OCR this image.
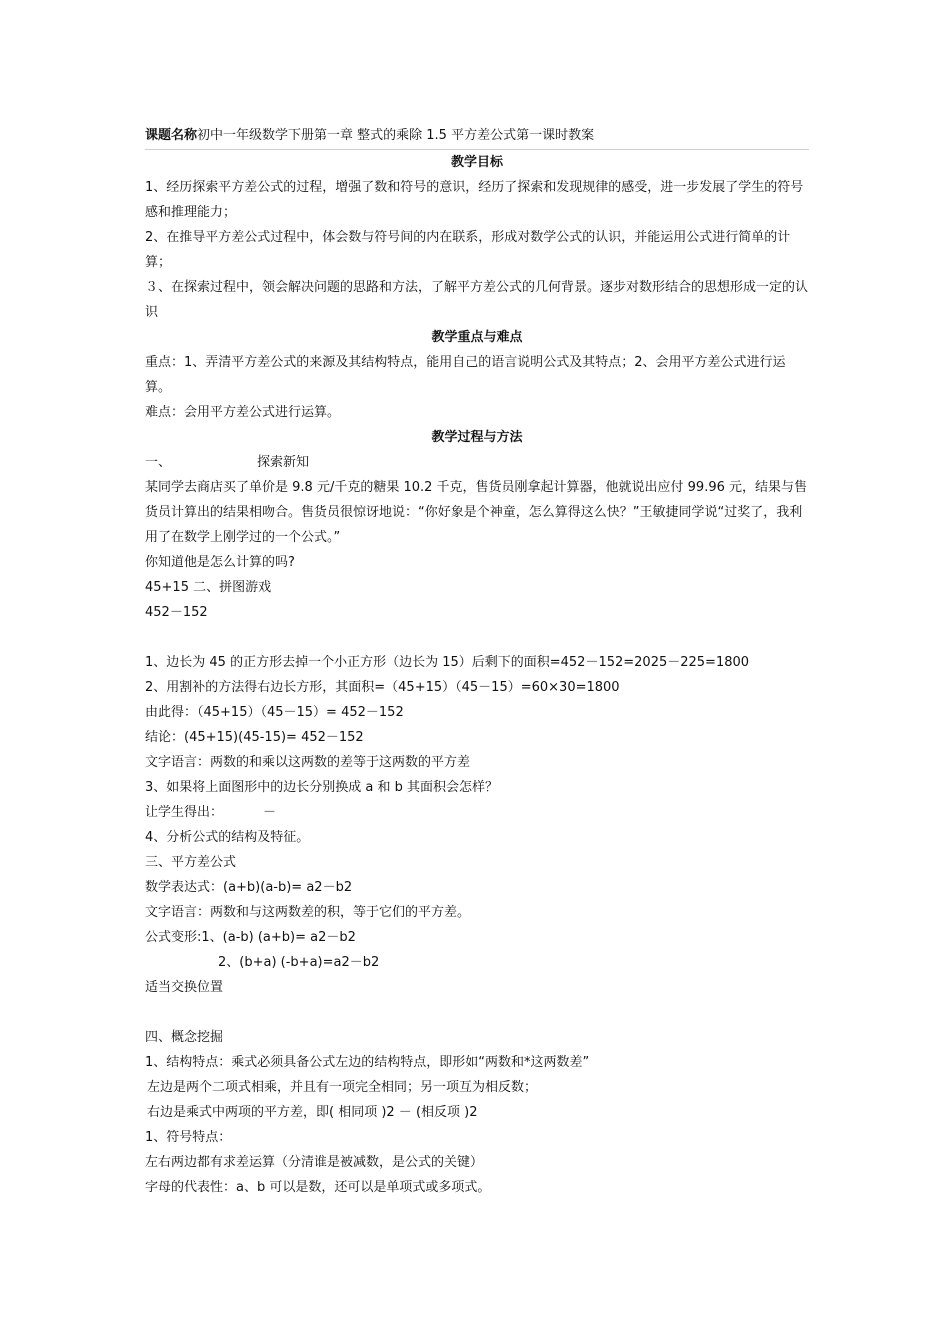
课题名称初中一年级数学下册第一章 整式的乘除 1.5 平方差公式第一课时教案
教学目标
1、经历探索平方差公式的过程，增强了数和符号的意识，经历了探索和发现规律的感受，进一步发展了学生的符号感和推理能力；
2、在推导平方差公式过程中，体会数与符号间的内在联系，形成对数学公式的认识，并能运用公式进行简单的计算；
３、在探索过程中，领会解决问题的思路和方法，了解平方差公式的几何背景。逐步对数形结合的思想形成一定的认识
教学重点与难点
重点：1、弄清平方差公式的来源及其结构特点，能用自己的语言说明公式及其特点；2、会用平方差公式进行运算。
难点：会用平方差公式进行运算。
教学过程与方法
一、	探索新知
某同学去商店买了单价是 9.8 元/千克的糖果 10.2 千克，售货员刚拿起计算器，他就说出应付 99.96 元，结果与售货员计算出的结果相吻合。售货员很惊讶地说：“你好象是个神童，怎么算得这么快？”王敏捷同学说“过奖了，我利用了在数学上刚学过的一个公式。”
你知道他是怎么计算的吗?
45+15 二、拼图游戏
452－152
1、边长为 45 的正方形去掉一个小正方形（边长为 15）后剩下的面积=452－152=2025－225=1800
2、用割补的方法得右边长方形，其面积=（45+15）（45－15）=60×30=1800
由此得：（45+15）（45－15）= 452－152
结论：(45+15)(45-15)= 452－152
文字语言：两数的和乘以这两数的差等于这两数的平方差
3、如果将上面图形中的边长分别换成 a 和 b 其面积会怎样？
让学生得出：	－
4、分析公式的结构及特征。
三、平方差公式
数学表达式：(a+b)(a-b)= a2－b2
文字语言：两数和与这两数差的积，等于它们的平方差。
公式变形:1、(a-b) (a+b)= a2－b2
2、(b+a) (-b+a)=a2－b2
适当交换位置
四、概念挖掘
1、结构特点：乘式必须具备公式左边的结构特点，即形如“两数和*这两数差”
左边是两个二项式相乘，并且有一项完全相同；另一项互为相反数；
右边是乘式中两项的平方差，即( 相同项 )2 － (相反项 )2
1、符号特点：
左右两边都有求差运算（分清谁是被减数，是公式的关键）
字母的代表性：a、b 可以是数，还可以是单项式或多项式。
